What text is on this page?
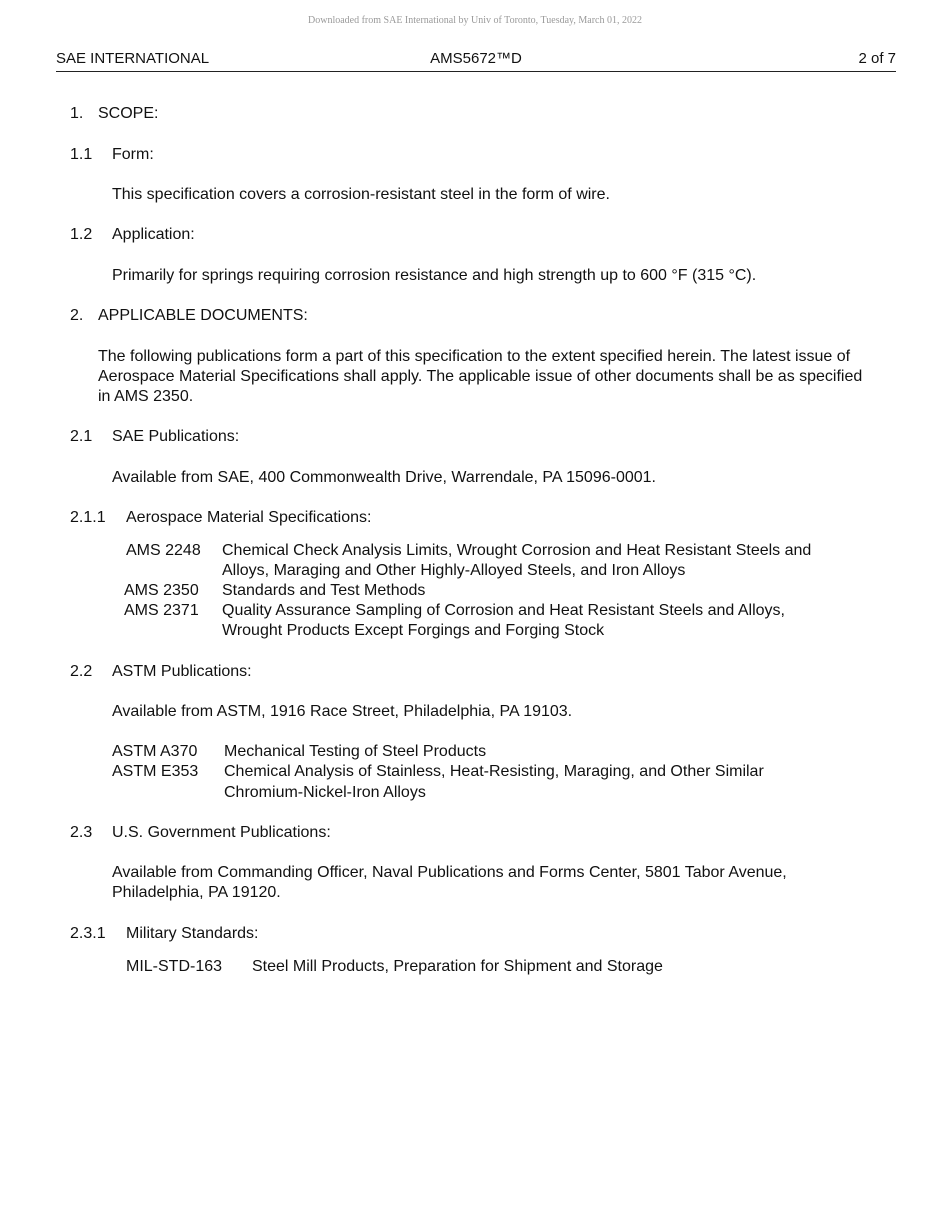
Downloaded from SAE International by Univ of Toronto, Tuesday, March 01, 2022
SAE INTERNATIONAL	AMS5672™D	2 of 7
1. SCOPE:
1.1 Form:
This specification covers a corrosion-resistant steel in the form of wire.
1.2 Application:
Primarily for springs requiring corrosion resistance and high strength up to 600 °F (315 °C).
2. APPLICABLE DOCUMENTS:
The following publications form a part of this specification to the extent specified herein. The latest issue of Aerospace Material Specifications shall apply. The applicable issue of other documents shall be as specified in AMS 2350.
2.1 SAE Publications:
Available from SAE, 400 Commonwealth Drive, Warrendale, PA 15096-0001.
2.1.1 Aerospace Material Specifications:
AMS 2248 Chemical Check Analysis Limits, Wrought Corrosion and Heat Resistant Steels and
Alloys, Maraging and Other Highly-Alloyed Steels, and Iron Alloys
AMS 2350 Standards and Test Methods
AMS 2371 Quality Assurance Sampling of Corrosion and Heat Resistant Steels and Alloys,
Wrought Products Except Forgings and Forging Stock
2.2 ASTM Publications:
Available from ASTM, 1916 Race Street, Philadelphia, PA 19103.
ASTM A370 Mechanical Testing of Steel Products
ASTM E353 Chemical Analysis of Stainless, Heat-Resisting, Maraging, and Other Similar
Chromium-Nickel-Iron Alloys
2.3 U.S. Government Publications:
Available from Commanding Officer, Naval Publications and Forms Center, 5801 Tabor Avenue, Philadelphia, PA 19120.
2.3.1 Military Standards:
MIL-STD-163 Steel Mill Products, Preparation for Shipment and Storage
